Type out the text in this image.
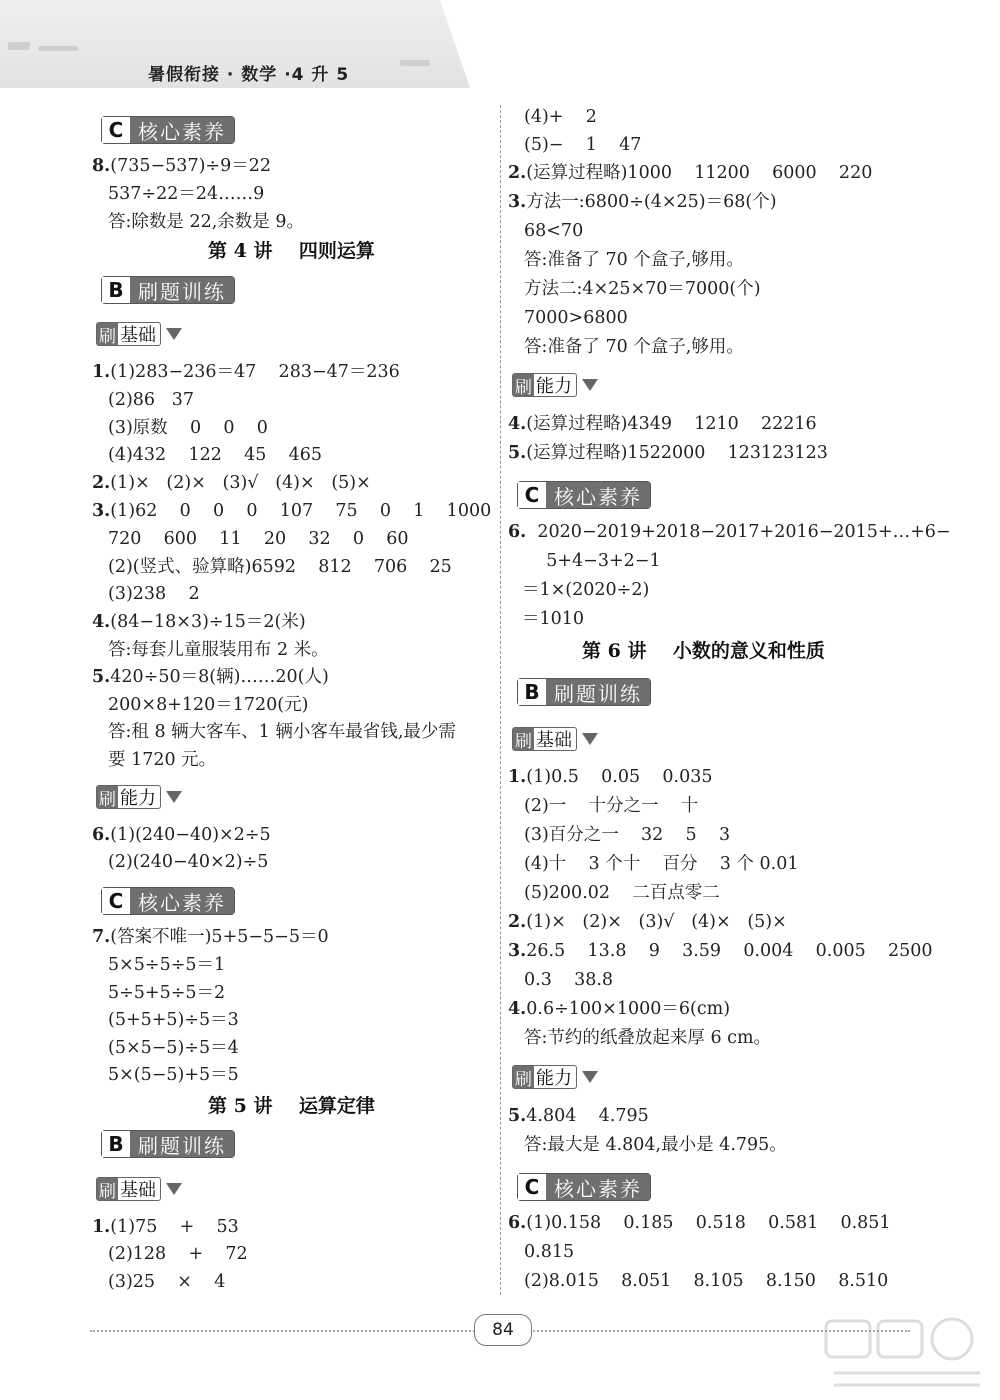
暑假衔接 · 数学 ·4 升 5
C 核心素养
8.(735−537)÷9＝22
537÷22＝24……9
答:除数是 22,余数是 9。
第 4 讲    四则运算
B 刷题训练
刷 基础
1.(1)283−236＝47    283−47＝236
(2)86   37
(3)原数    0    0    0
(4)432    122    45    465
2.(1)×   (2)×   (3)√   (4)×   (5)×
3.(1)62    0    0    0    107    75    0    1    1000
720    600    11    20    32    0    60
(2)(竖式、验算略)6592    812    706    25
(3)238    2
4.(84−18×3)÷15＝2(米)
答:每套儿童服装用布 2 米。
5.420÷50＝8(辆)……20(人)
200×8+120＝1720(元)
答:租 8 辆大客车、1 辆小客车最省钱,最少需
要 1720 元。
刷 能力
6.(1)(240−40)×2÷5
(2)(240−40×2)÷5
C 核心素养
7.(答案不唯一)5+5−5−5＝0
5×5÷5÷5＝1
5÷5+5÷5＝2
(5+5+5)÷5＝3
(5×5−5)÷5＝4
5×(5−5)+5＝5
第 5 讲    运算定律
B 刷题训练
刷 基础
1.(1)75    +    53
(2)128    +    72
(3)25    ×    4
(4)+    2
(5)−    1    47
2.(运算过程略)1000    11200    6000    220
3.方法一:6800÷(4×25)＝68(个)
68<70
答:准备了 70 个盒子,够用。
方法二:4×25×70＝7000(个)
7000>6800
答:准备了 70 个盒子,够用。
刷 能力
4.(运算过程略)4349    1210    22216
5.(运算过程略)1522000    123123123
C 核心素养
6.  2020−2019+2018−2017+2016−2015+…+6−
5+4−3+2−1
＝1×(2020÷2)
＝1010
第 6 讲    小数的意义和性质
B 刷题训练
刷 基础
1.(1)0.5    0.05    0.035
(2)一    十分之一    十
(3)百分之一    32    5    3
(4)十    3 个十    百分    3 个 0.01
(5)200.02    二百点零二
2.(1)×   (2)×   (3)√   (4)×   (5)×
3.26.5    13.8    9    3.59    0.004    0.005    2500
0.3    38.8
4.0.6÷100×1000＝6(cm)
答:节约的纸叠放起来厚 6 cm。
刷 能力
5.4.804    4.795
答:最大是 4.804,最小是 4.795。
C 核心素养
6.(1)0.158    0.185    0.518    0.581    0.851
0.815
(2)8.015    8.051    8.105    8.150    8.510
84
